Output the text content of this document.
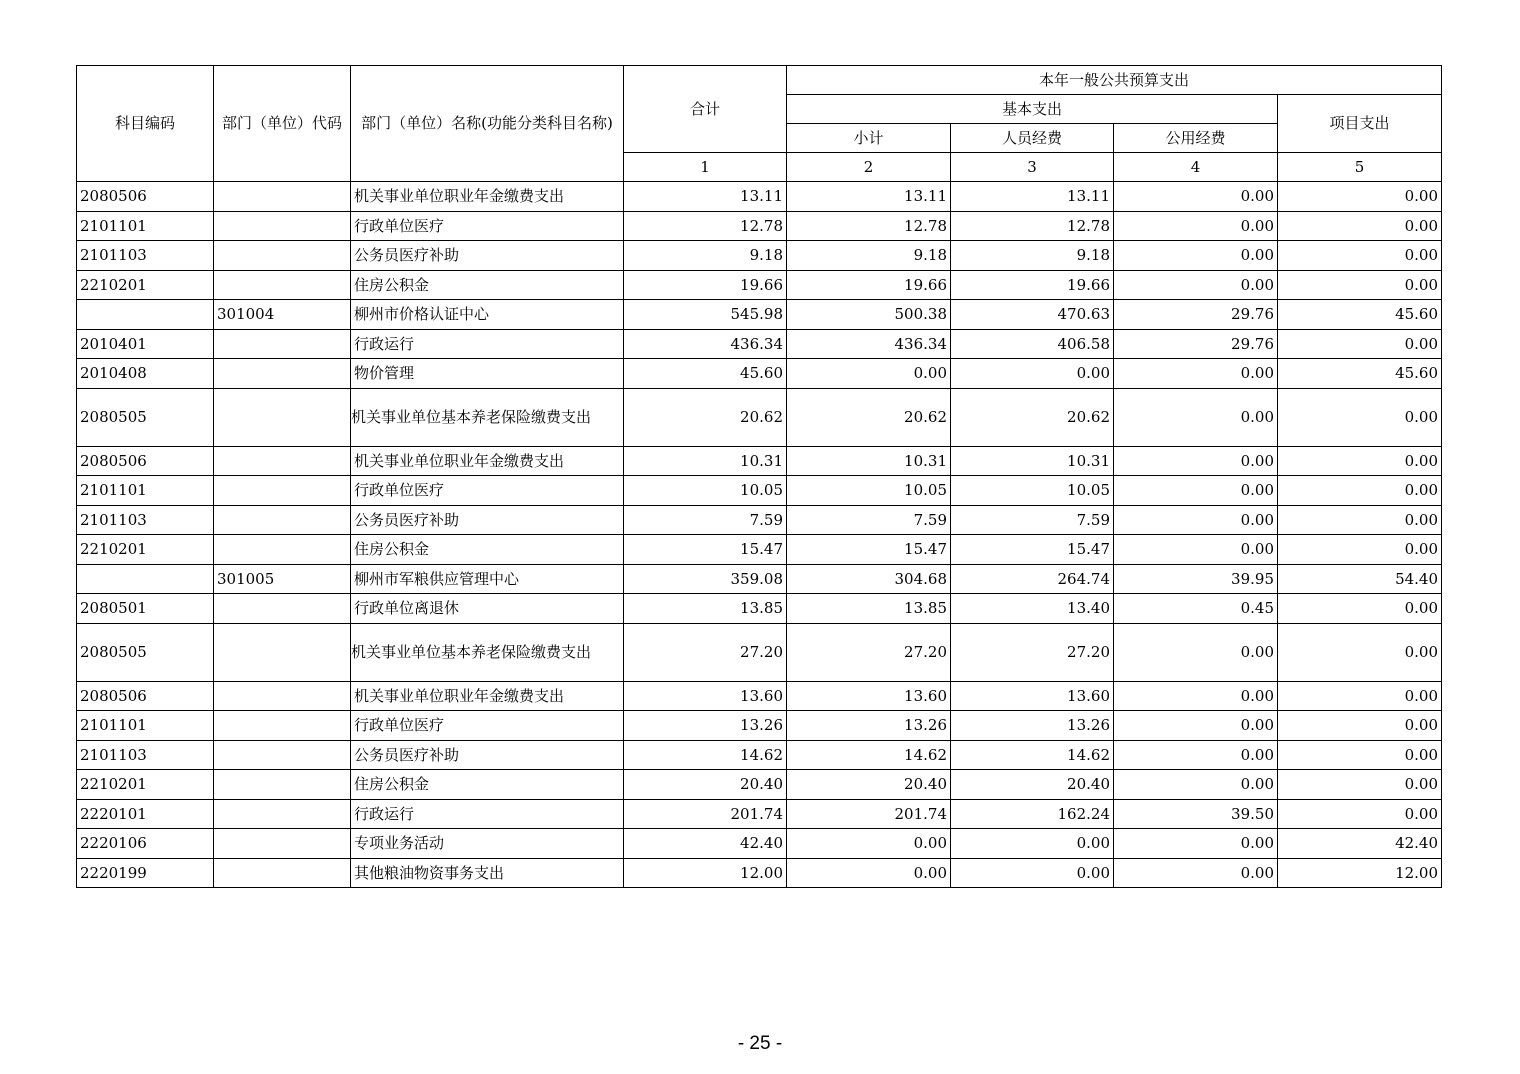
科目编码	部门（单位）代码	部门（单位）名称(功能分类科目名称)	合计	本年一般公共预算支出			
				基本支出			项目支出
				小计	人员经费	公用经费	
			1	2	3	4	5
2080506		机关事业单位职业年金缴费支出	13.11	13.11	13.11	0.00	0.00
2101101		行政单位医疗	12.78	12.78	12.78	0.00	0.00
2101103		公务员医疗补助	9.18	9.18	9.18	0.00	0.00
2210201		住房公积金	19.66	19.66	19.66	0.00	0.00
	301004	柳州市价格认证中心	545.98	500.38	470.63	29.76	45.60
2010401		行政运行	436.34	436.34	406.58	29.76	0.00
2010408		物价管理	45.60	0.00	0.00	0.00	45.60
2080505		机关事业单位基本养老保险缴费支出	20.62	20.62	20.62	0.00	0.00
2080506		机关事业单位职业年金缴费支出	10.31	10.31	10.31	0.00	0.00
2101101		行政单位医疗	10.05	10.05	10.05	0.00	0.00
2101103		公务员医疗补助	7.59	7.59	7.59	0.00	0.00
2210201		住房公积金	15.47	15.47	15.47	0.00	0.00
	301005	柳州市军粮供应管理中心	359.08	304.68	264.74	39.95	54.40
2080501		行政单位离退休	13.85	13.85	13.40	0.45	0.00
2080505		机关事业单位基本养老保险缴费支出	27.20	27.20	27.20	0.00	0.00
2080506		机关事业单位职业年金缴费支出	13.60	13.60	13.60	0.00	0.00
2101101		行政单位医疗	13.26	13.26	13.26	0.00	0.00
2101103		公务员医疗补助	14.62	14.62	14.62	0.00	0.00
2210201		住房公积金	20.40	20.40	20.40	0.00	0.00
2220101		行政运行	201.74	201.74	162.24	39.50	0.00
2220106		专项业务活动	42.40	0.00	0.00	0.00	42.40
2220199		其他粮油物资事务支出	12.00	0.00	0.00	0.00	12.00
- 25 -
